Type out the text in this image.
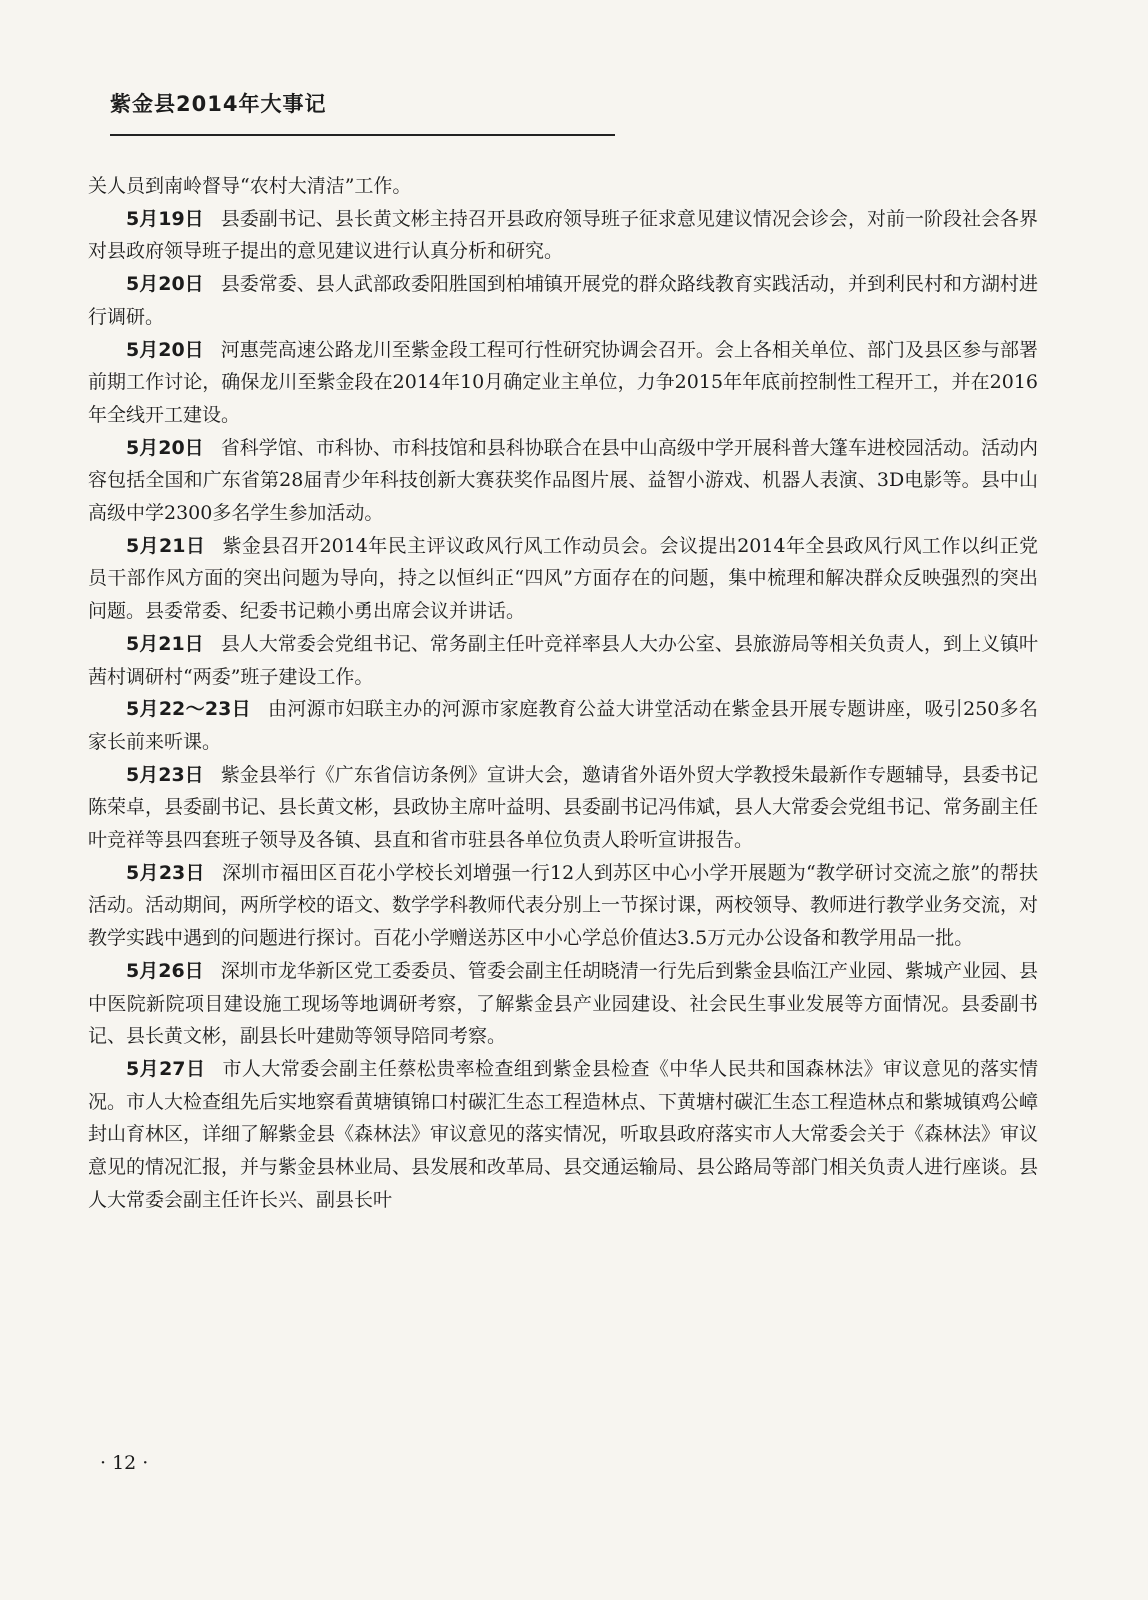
紫金县2014年大事记

关人员到南岭督导“农村大清洁”工作。

5月19日 县委副书记、县长黄文彬主持召开县政府领导班子征求意见建议情况会诊会，对前一阶段社会各界对县政府领导班子提出的意见建议进行认真分析和研究。

5月20日 县委常委、县人武部政委阳胜国到柏埔镇开展党的群众路线教育实践活动，并到利民村和方湖村进行调研。

5月20日 河惠莞高速公路龙川至紫金段工程可行性研究协调会召开。会上各相关单位、部门及县区参与部署前期工作讨论，确保龙川至紫金段在2014年10月确定业主单位，力争2015年年底前控制性工程开工，并在2016年全线开工建设。

5月20日 省科学馆、市科协、市科技馆和县科协联合在县中山高级中学开展科普大篷车进校园活动。活动内容包括全国和广东省第28届青少年科技创新大赛获奖作品图片展、益智小游戏、机器人表演、3D电影等。县中山高级中学2300多名学生参加活动。

5月21日 紫金县召开2014年民主评议政风行风工作动员会。会议提出2014年全县政风行风工作以纠正党员干部作风方面的突出问题为导向，持之以恒纠正“四风”方面存在的问题，集中梳理和解决群众反映强烈的突出问题。县委常委、纪委书记赖小勇出席会议并讲话。

5月21日 县人大常委会党组书记、常务副主任叶竞祥率县人大办公室、县旅游局等相关负责人，到上义镇叶茜村调研村“两委”班子建设工作。

5月22～23日 由河源市妇联主办的河源市家庭教育公益大讲堂活动在紫金县开展专题讲座，吸引250多名家长前来听课。

5月23日 紫金县举行《广东省信访条例》宣讲大会，邀请省外语外贸大学教授朱最新作专题辅导，县委书记陈荣卓，县委副书记、县长黄文彬，县政协主席叶益明、县委副书记冯伟斌，县人大常委会党组书记、常务副主任叶竞祥等县四套班子领导及各镇、县直和省市驻县各单位负责人聆听宣讲报告。

5月23日 深圳市福田区百花小学校长刘增强一行12人到苏区中心小学开展题为“教学研讨交流之旅”的帮扶活动。活动期间，两所学校的语文、数学学科教师代表分别上一节探讨课，两校领导、教师进行教学业务交流，对教学实践中遇到的问题进行探讨。百花小学赠送苏区中小心学总价值达3.5万元办公设备和教学用品一批。

5月26日 深圳市龙华新区党工委委员、管委会副主任胡晓清一行先后到紫金县临江产业园、紫城产业园、县中医院新院项目建设施工现场等地调研考察，了解紫金县产业园建设、社会民生事业发展等方面情况。县委副书记、县长黄文彬，副县长叶建勋等领导陪同考察。

5月27日 市人大常委会副主任蔡松贵率检查组到紫金县检查《中华人民共和国森林法》审议意见的落实情况。市人大检查组先后实地察看黄塘镇锦口村碳汇生态工程造林点、下黄塘村碳汇生态工程造林点和紫城镇鸡公嶂封山育林区，详细了解紫金县《森林法》审议意见的落实情况，听取县政府落实市人大常委会关于《森林法》审议意见的情况汇报，并与紫金县林业局、县发展和改革局、县交通运输局、县公路局等部门相关负责人进行座谈。县人大常委会副主任许长兴、副县长叶

· 12 ·
